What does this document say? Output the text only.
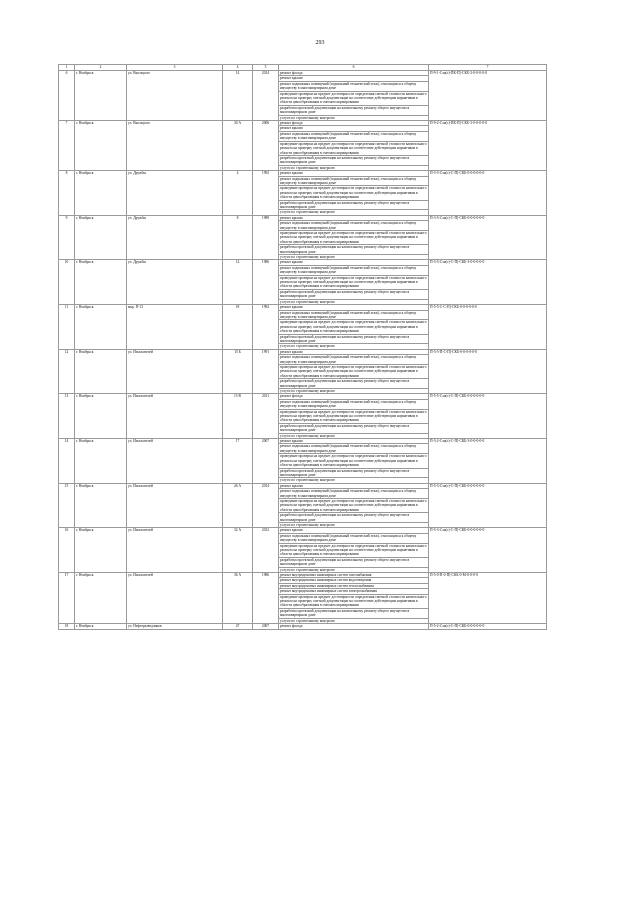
293
1	2	3	4	5	6	7
6	г. Ноябрьск	ул. Высоцкого	14	2014	ремонт фасада	П-9-1-Сэн(с)-ПК-П]-СКБ-3-0-0-0-0-0
					ремонт крыши	
					ремонт подвальных помещений (подвальный технический этаж), относящихся к общему имуществу в многоквартирном доме	
					проведение проверки на предмет достоверности определения сметной стоимости капитального ремонта на проверку сметной документации на соответствие действующим нормативам в области ценообразования в сметном нормировании	
					разработка проектной документации на капитальному ремонту общего имущества в многоквартирном доме	
					услуги по строительному контролю	
7	г. Ноябрьск	ул. Высоцкого	30 А	2006	ремонт фасада	П-9-2-Сэн(с)-ПК-П]-СКБ-3-0-0-0-0-0
					ремонт крыши	
					ремонт подвальных помещений (подвальный технический этаж), относящихся к общему имуществу в многоквартирном доме	
					проведение проверки на предмет достоверности определения сметной стоимости капитального ремонта на проверку сметной документации на соответствие действующим нормативам в области ценообразования в сметном нормировании	
					разработка проектной документации на капитальному ремонту общего имущества в многоквартирном доме	
					услуги по строительному контролю	
8	г. Ноябрьск	ул. Дружбы	4	1992	ремонт крыши	П-3-5-Сэн(с)-С-П]-СКБ-0-0-0-0-0-0
					ремонт подвальных помещений (подвальный технический этаж), относящихся к общему имуществу в многоквартирном доме	
					проведение проверки на предмет достоверности определения сметной стоимости капитального ремонта на проверку сметной документации на соответствие действующим нормативам в области ценообразования в сметном нормировании	
					разработка проектной документации на капитальному ремонту общего имущества в многоквартирном доме	
					услуги по строительному контролю	
9	г. Ноябрьск	ул. Дружбы	8	1989	ремонт крыши	П-3-5-Сэн(с)-С-П]-СКБ-0-0-0-0-0-0
					ремонт подвальных помещений (подвальный технический этаж), относящихся к общему имуществу в многоквартирном доме	
					проведение проверки на предмет достоверности определения сметной стоимости капитального ремонта на проверку сметной документации на соответствие действующим нормативам в области ценообразования в сметном нормировании	
					разработка проектной документации на капитальному ремонту общего имущества в многоквартирном доме	
					услуги по строительному контролю	
10	г. Ноябрьск	ул. Дружбы	12	1986	ремонт крыши	П-3-5-Сэн(с)-С-П]-СКБ-3-0-0-0-0-0
					ремонт подвальных помещений (подвальный технический этаж), относящихся к общему имуществу в многоквартирном доме	
					проведение проверки на предмет достоверности определения сметной стоимости капитального ремонта на проверку сметной документации на соответствие действующим нормативам в области ценообразования в сметном нормировании	
					разработка проектной документации на капитальному ремонту общего имущества в многоквартирном доме	
					услуги по строительному контролю	
11	г. Ноябрьск	мкр. П-13	18	1992	ремонт крыши	П-5-5-С-С-П]-СКБ-0-0-0-0-0-0
					ремонт подвальных помещений (подвальный технический этаж), относящихся к общему имуществу в многоквартирном доме	
					проведение проверки на предмет достоверности определения сметной стоимости капитального ремонта на проверку сметной документации на соответствие действующим нормативам в области ценообразования в сметном нормировании	
					разработка проектной документации на капитальному ремонту общего имущества в многоквартирном доме	
					услуги по строительному контролю	
12	г. Ноябрьск	ул. Изыскателей	15 Б	1991	ремонт крыши	П-3-5-П-С-П]-СКБ-0-0-0-0-0-0
					ремонт подвальных помещений (подвальный технический этаж), относящихся к общему имуществу в многоквартирном доме	
					проведение проверки на предмет достоверности определения сметной стоимости капитального ремонта на проверку сметной документации на соответствие действующим нормативам в области ценообразования в сметном нормировании	
					разработка проектной документации на капитальному ремонту общего имущества в многоквартирном доме	
					услуги по строительному контролю	
13	г. Ноябрьск	ул. Изыскателей	15 В	2011	ремонт фасада	П-5-5-Сэн(с)-С-П]-СКБ-0-0-0-0-0-0
					ремонт подвальных помещений (подвальный технический этаж), относящихся к общему имуществу в многоквартирном доме	
					проведение проверки на предмет достоверности определения сметной стоимости капитального ремонта на проверку сметной документации на соответствие действующим нормативам в области ценообразования в сметном нормировании	
					разработка проектной документации на капитальному ремонту общего имущества в многоквартирном доме	
					услуги по строительному контролю	
14	г. Ноябрьск	ул. Изыскателей	17	2007	ремонт крыши	П-3-2-Сэн(с)-С-П]-СКБ-3-0-0-0-0-0
					ремонт подвальных помещений (подвальный технический этаж), относящихся к общему имуществу в многоквартирном доме	
					проведение проверки на предмет достоверности определения сметной стоимости капитального ремонта на проверку сметной документации на соответствие действующим нормативам в области ценообразования в сметном нормировании	
					разработка проектной документации на капитальному ремонту общего имущества в многоквартирном доме	
					услуги по строительному контролю	
15	г. Ноябрьск	ул. Изыскателей	26 А	2014	ремонт крыши	П-5-3-Сэн(с)-С-П]-СКБ-0-0-0-0-0-0
					ремонт подвальных помещений (подвальный технический этаж), относящихся к общему имуществу в многоквартирном доме	
					проведение проверки на предмет достоверности определения сметной стоимости капитального ремонта на проверку сметной документации на соответствие действующим нормативам в области ценообразования в сметном нормировании	
					разработка проектной документации на капитальному ремонту общего имущества в многоквартирном доме	
					услуги по строительному контролю	
16	г. Ноябрьск	ул. Изыскателей	32 А	2012	ремонт крыши	П-5-3-Сэн(с)-С-П]-СКБ-0-0-0-0-0-0
					ремонт подвальных помещений (подвальный технический этаж), относящихся к общему имуществу в многоквартирном доме	
					проведение проверки на предмет достоверности определения сметной стоимости капитального ремонта на проверку сметной документации на соответствие действующим нормативам в области ценообразования в сметном нормировании	
					разработка проектной документации на капитальному ремонту общего имущества в многоквартирном доме	
					услуги по строительному контролю	
17	г. Ноябрьск	ул. Изыскателей	36 А	1986	ремонт внутридомовых инженерных систем газоснабжения	П-5-0-П-0-П]-СКБ-0-М-0-0-0-0
					ремонт внутридомовых инженерных систем водоотведения	
					ремонт внутридомовых инженерных систем теплоснабжения	
					ремонт внутридомовых инженерных систем электроснабжения	
					проведение проверки на предмет достоверности определения сметной стоимости капитального ремонта на проверку сметной документации на соответствие действующим нормативам в области ценообразования в сметном нормировании	
					разработка проектной документации на капитальному ремонту общего имущества в многоквартирном доме	
					услуги по строительному контролю	
18	г. Ноябрьск	ул. Нефтеразведчиков	47	2007	ремонт фасада	П-5-2-Сэн(с)-С-П]-СКБ-0-0-0-0-0-0
